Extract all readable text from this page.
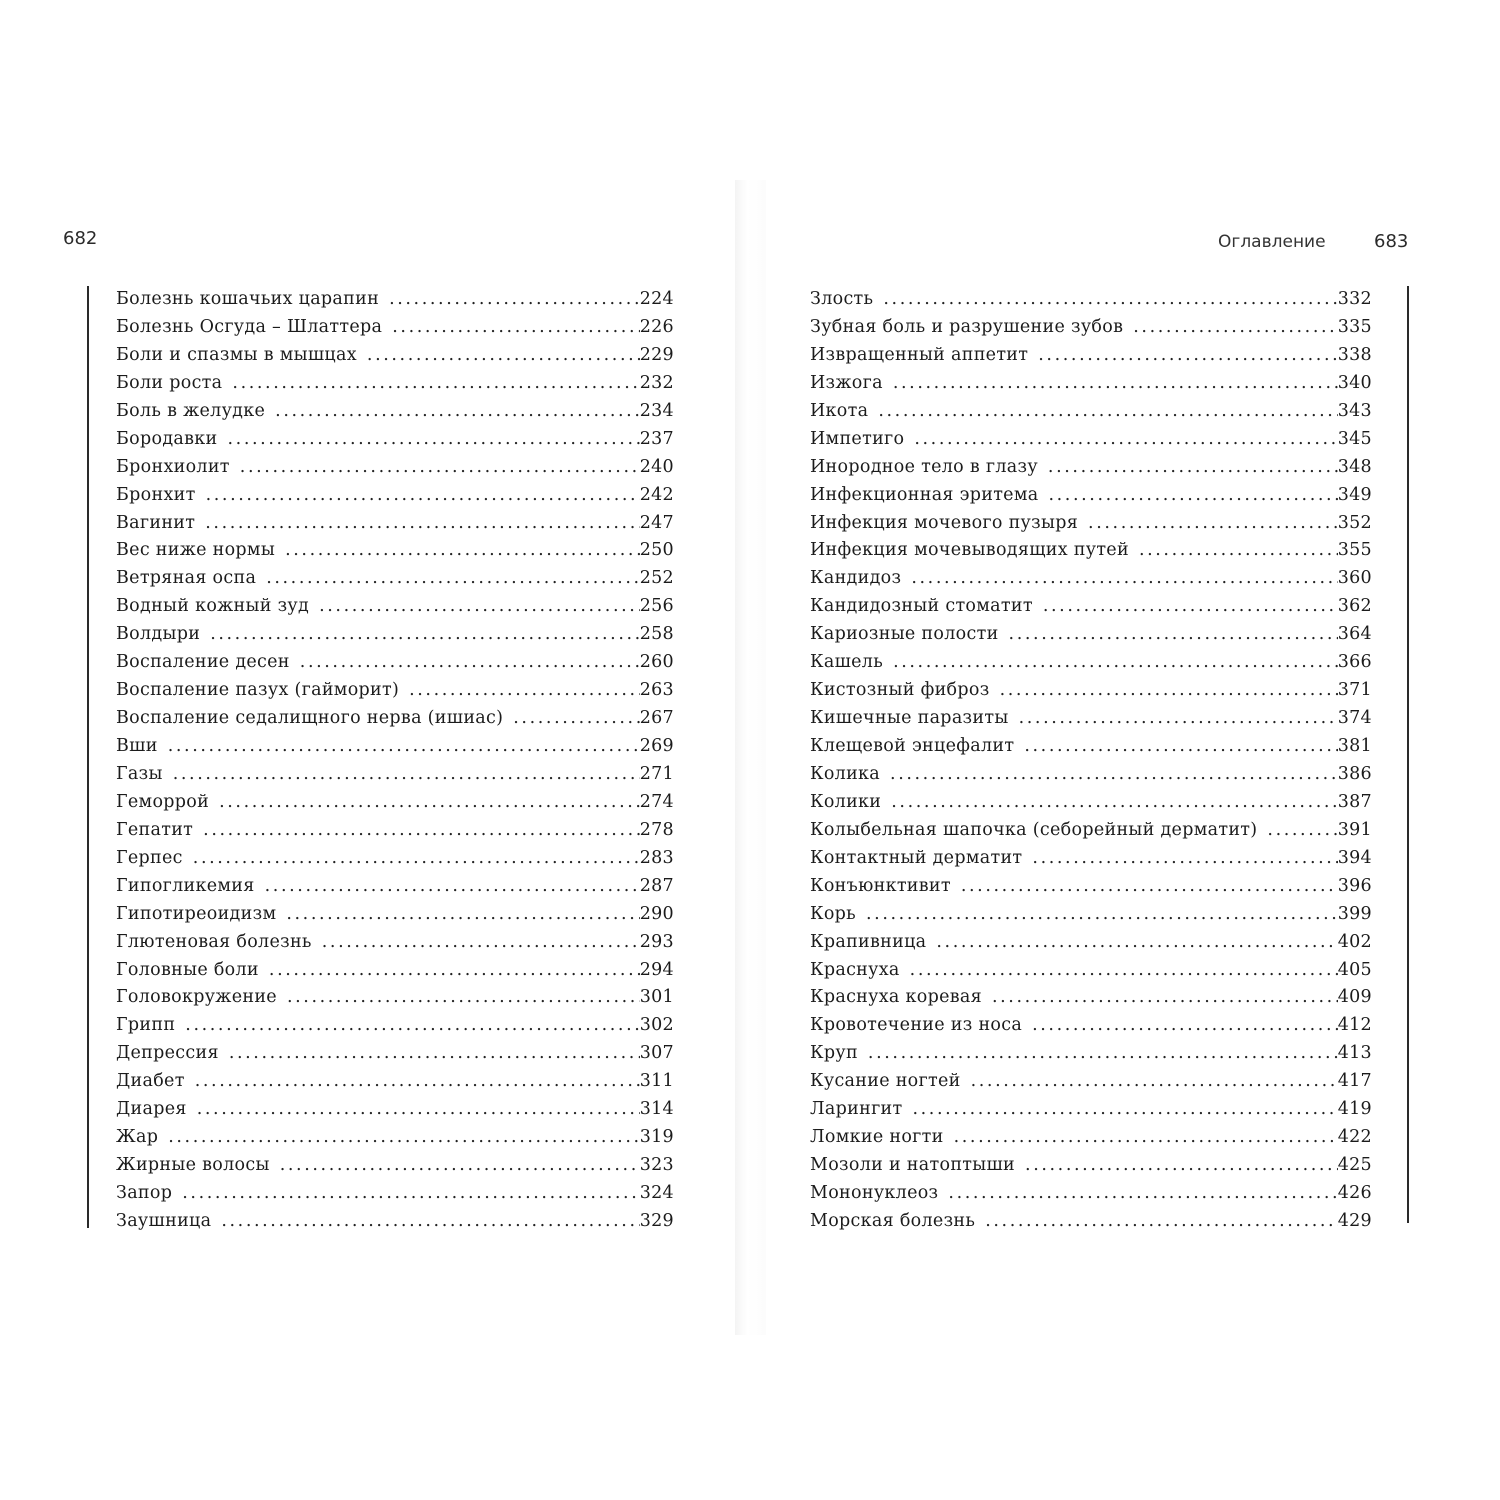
682
Болезнь кошачьих царапин .....	224
Болезнь Осгуда – Шлаттера .....	226
Боли и спазмы в мышцах .....	229
Боли роста .....	232
Боль в желудке .....	234
Бородавки .....	237
Бронхиолит .....	240
Бронхит .....	242
Вагинит .....	247
Вес ниже нормы .....	250
Ветряная оспа .....	252
Водный кожный зуд .....	256
Волдыри .....	258
Воспаление десен .....	260
Воспаление пазух (гайморит) .....	263
Воспаление седалищного нерва (ишиас) .....	267
Вши .....	269
Газы .....	271
Геморрой .....	274
Гепатит .....	278
Герпес .....	283
Гипогликемия .....	287
Гипотиреоидизм .....	290
Глютеновая болезнь .....	293
Головные боли .....	294
Головокружение .....	301
Грипп .....	302
Депрессия .....	307
Диабет .....	311
Диарея .....	314
Жар .....	319
Жирные волосы .....	323
Запор .....	324
Заушница .....	329
Оглавление	683
Злость .....	332
Зубная боль и разрушение зубов .....	335
Извращенный аппетит .....	338
Изжога .....	340
Икота .....	343
Импетиго .....	345
Инородное тело в глазу .....	348
Инфекционная эритема .....	349
Инфекция мочевого пузыря .....	352
Инфекция мочевыводящих путей .....	355
Кандидоз .....	360
Кандидозный стоматит .....	362
Кариозные полости .....	364
Кашель .....	366
Кистозный фиброз .....	371
Кишечные паразиты .....	374
Клещевой энцефалит .....	381
Колика .....	386
Колики .....	387
Колыбельная шапочка (себорейный дерматит) .....	391
Контактный дерматит .....	394
Конъюнктивит .....	396
Корь .....	399
Крапивница .....	402
Краснуха .....	405
Краснуха коревая .....	409
Кровотечение из носа .....	412
Круп .....	413
Кусание ногтей .....	417
Ларингит .....	419
Ломкие ногти .....	422
Мозоли и натоптыши .....	425
Мононуклеоз .....	426
Морская болезнь .....	429
